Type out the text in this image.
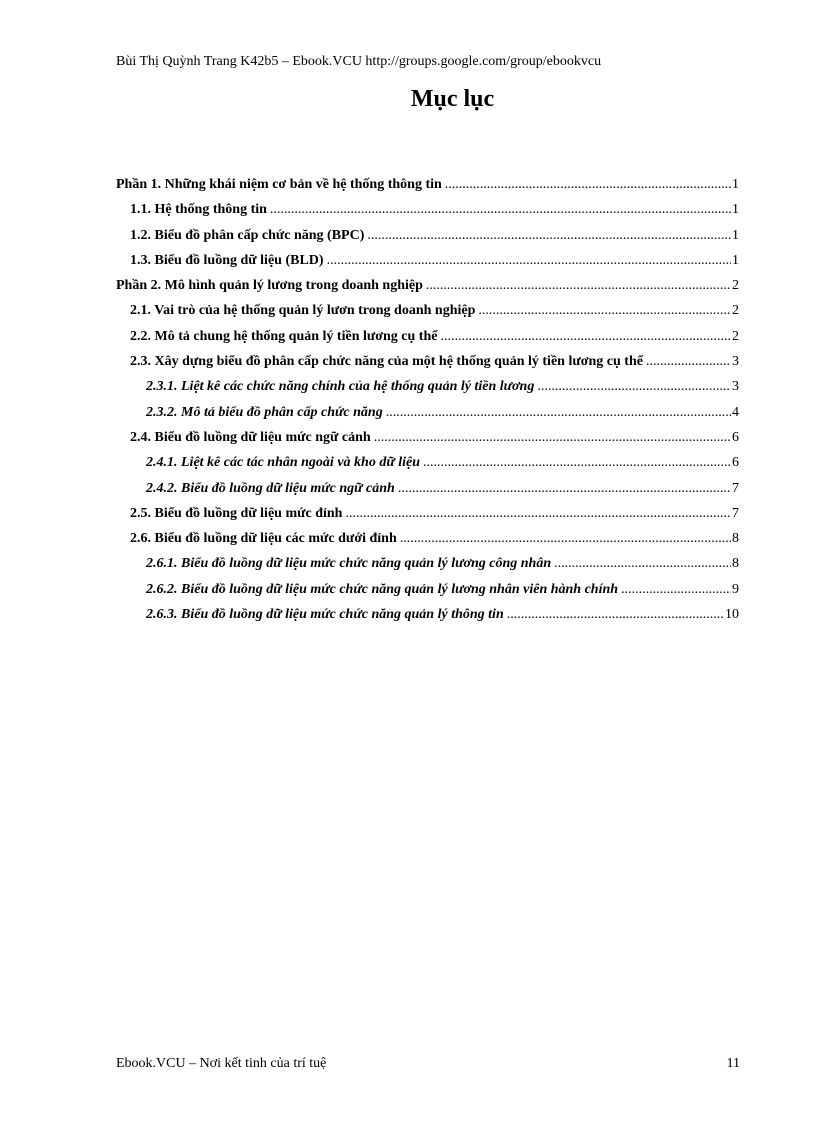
Bùi Thị Quỳnh Trang K42b5 – Ebook.VCU http://groups.google.com/group/ebookvcu
Mục lục
Phần 1. Những khái niệm cơ bản về hệ thống thông tin .....	1
1.1. Hệ thống thông tin .....	1
1.2. Biểu đồ phân cấp chức năng (BPC) .....	1
1.3. Biểu đồ luồng dữ liệu (BLD) .....	1
Phần 2. Mô hình quản lý lương trong doanh nghiệp .....	2
2.1. Vai trò của hệ thống quản lý lươn trong doanh nghiệp .....	2
2.2. Mô tả chung hệ thống quản lý tiền lương cụ thể .....	2
2.3. Xây dựng biểu đồ phân cấp chức năng của một hệ thống quản lý tiền lương cụ thể .....	3
2.3.1. Liệt kê các chức năng chính của hệ thống quản lý tiền lương .....	3
2.3.2. Mô tả biểu đồ phân cấp chức năng .....	4
2.4. Biểu đồ luồng dữ liệu mức ngữ cảnh .....	6
2.4.1. Liệt kê các tác nhân ngoài và kho dữ liệu .....	6
2.4.2. Biểu đồ luồng dữ liệu mức ngữ cảnh .....	7
2.5. Biểu đồ luồng dữ liệu mức đỉnh .....	7
2.6. Biểu đồ luồng dữ liệu các mức dưới đỉnh .....	8
2.6.1. Biểu đồ luồng dữ liệu mức chức năng quản lý lương công nhân .....	8
2.6.2. Biểu đồ luồng dữ liệu mức chức năng quản lý lương nhân viên hành chính .....	9
2.6.3. Biểu đồ luồng dữ liệu mức chức năng quản lý thông tin .....	10
Ebook.VCU – Nơi kết tinh của trí tuệ	11
